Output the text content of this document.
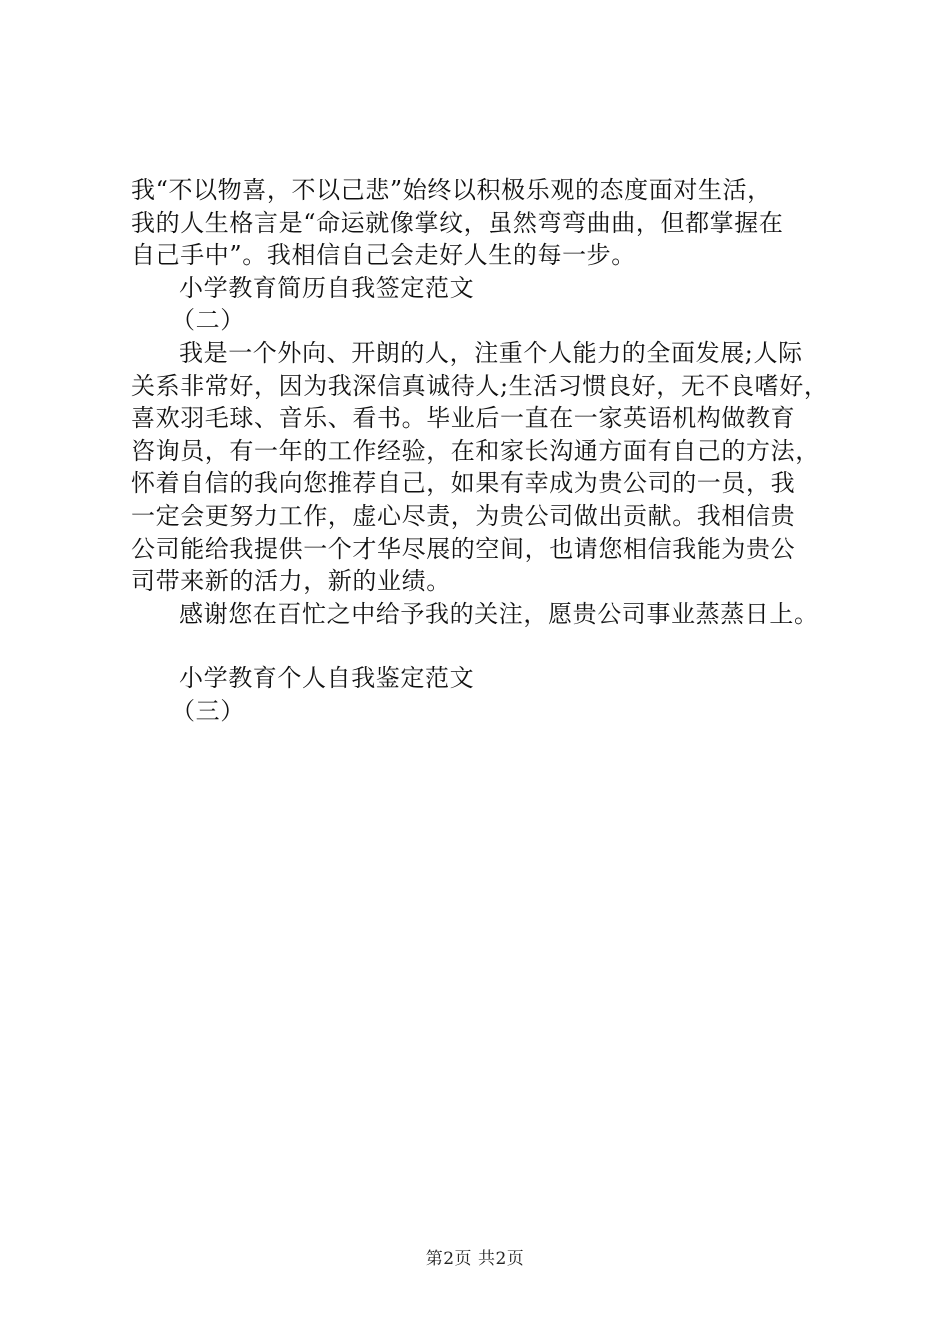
我“不以物喜，不以己悲”始终以积极乐观的态度面对生活，
我的人生格言是“命运就像掌纹，虽然弯弯曲曲，但都掌握在
自己手中”。我相信自己会走好人生的每一步。
小学教育简历自我签定范文
（二）
我是一个外向、开朗的人，注重个人能力的全面发展;人际
关系非常好，因为我深信真诚待人;生活习惯良好，无不良嗜好，
喜欢羽毛球、音乐、看书。毕业后一直在一家英语机构做教育
咨询员，有一年的工作经验，在和家长沟通方面有自己的方法，
怀着自信的我向您推荐自己，如果有幸成为贵公司的一员，我
一定会更努力工作，虚心尽责，为贵公司做出贡献。我相信贵
公司能给我提供一个才华尽展的空间，也请您相信我能为贵公
司带来新的活力，新的业绩。
感谢您在百忙之中给予我的关注，愿贵公司事业蒸蒸日上。
小学教育个人自我鉴定范文
（三）
第2页 共2页
